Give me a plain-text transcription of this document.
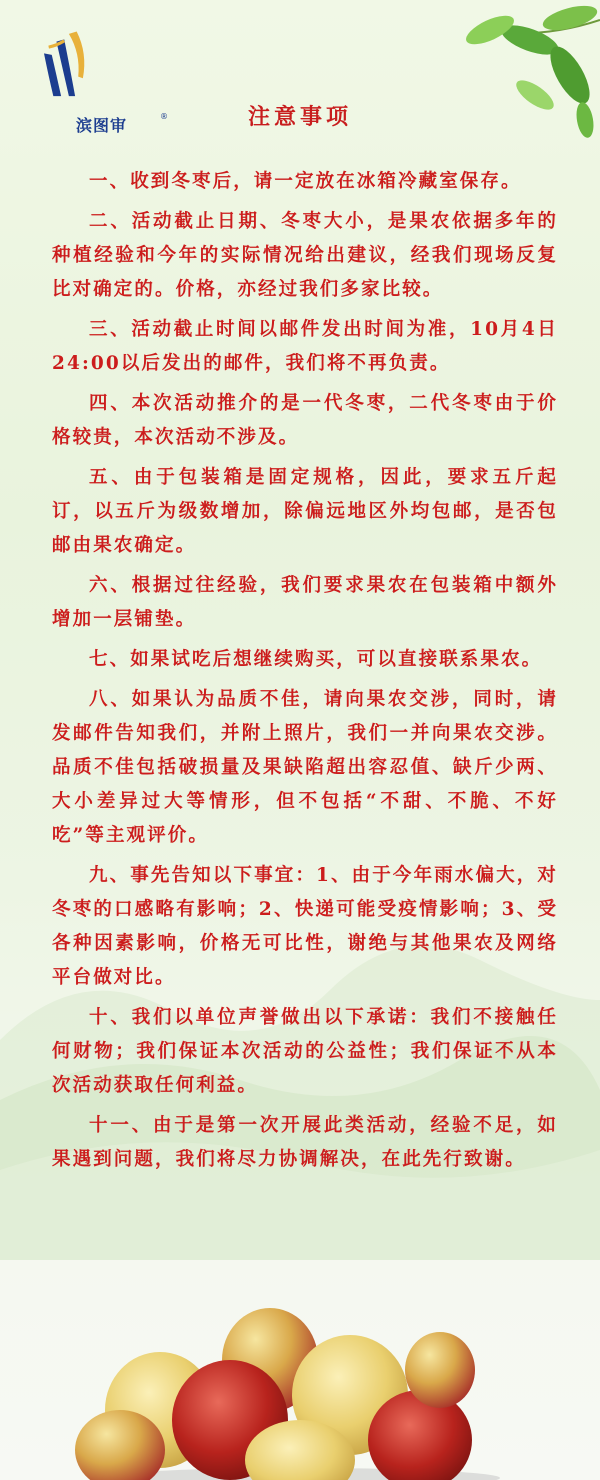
滨图审	®	注意事项

一、收到冬枣后，请一定放在冰箱冷藏室保存。

二、活动截止日期、冬枣大小，是果农依据多年的种植经验和今年的实际情况给出建议，经我们现场反复比对确定的。价格，亦经过我们多家比较。

三、活动截止时间以邮件发出时间为准，10月4日24:00以后发出的邮件，我们将不再负责。

四、本次活动推介的是一代冬枣，二代冬枣由于价格较贵，本次活动不涉及。

五、由于包装箱是固定规格，因此，要求五斤起订，以五斤为级数增加，除偏远地区外均包邮，是否包邮由果农确定。

六、根据过往经验，我们要求果农在包装箱中额外增加一层铺垫。

七、如果试吃后想继续购买，可以直接联系果农。

八、如果认为品质不佳，请向果农交涉，同时，请发邮件告知我们，并附上照片，我们一并向果农交涉。品质不佳包括破损量及果缺陷超出容忍值、缺斤少两、大小差异过大等情形，但不包括“不甜、不脆、不好吃”等主观评价。

九、事先告知以下事宜：1、由于今年雨水偏大，对冬枣的口感略有影响；2、快递可能受疫情影响；3、受各种因素影响，价格无可比性，谢绝与其他果农及网络平台做对比。

十、我们以单位声誉做出以下承诺：我们不接触任何财物；我们保证本次活动的公益性；我们保证不从本次活动获取任何利益。

十一、由于是第一次开展此类活动，经验不足，如果遇到问题，我们将尽力协调解决，在此先行致谢。
